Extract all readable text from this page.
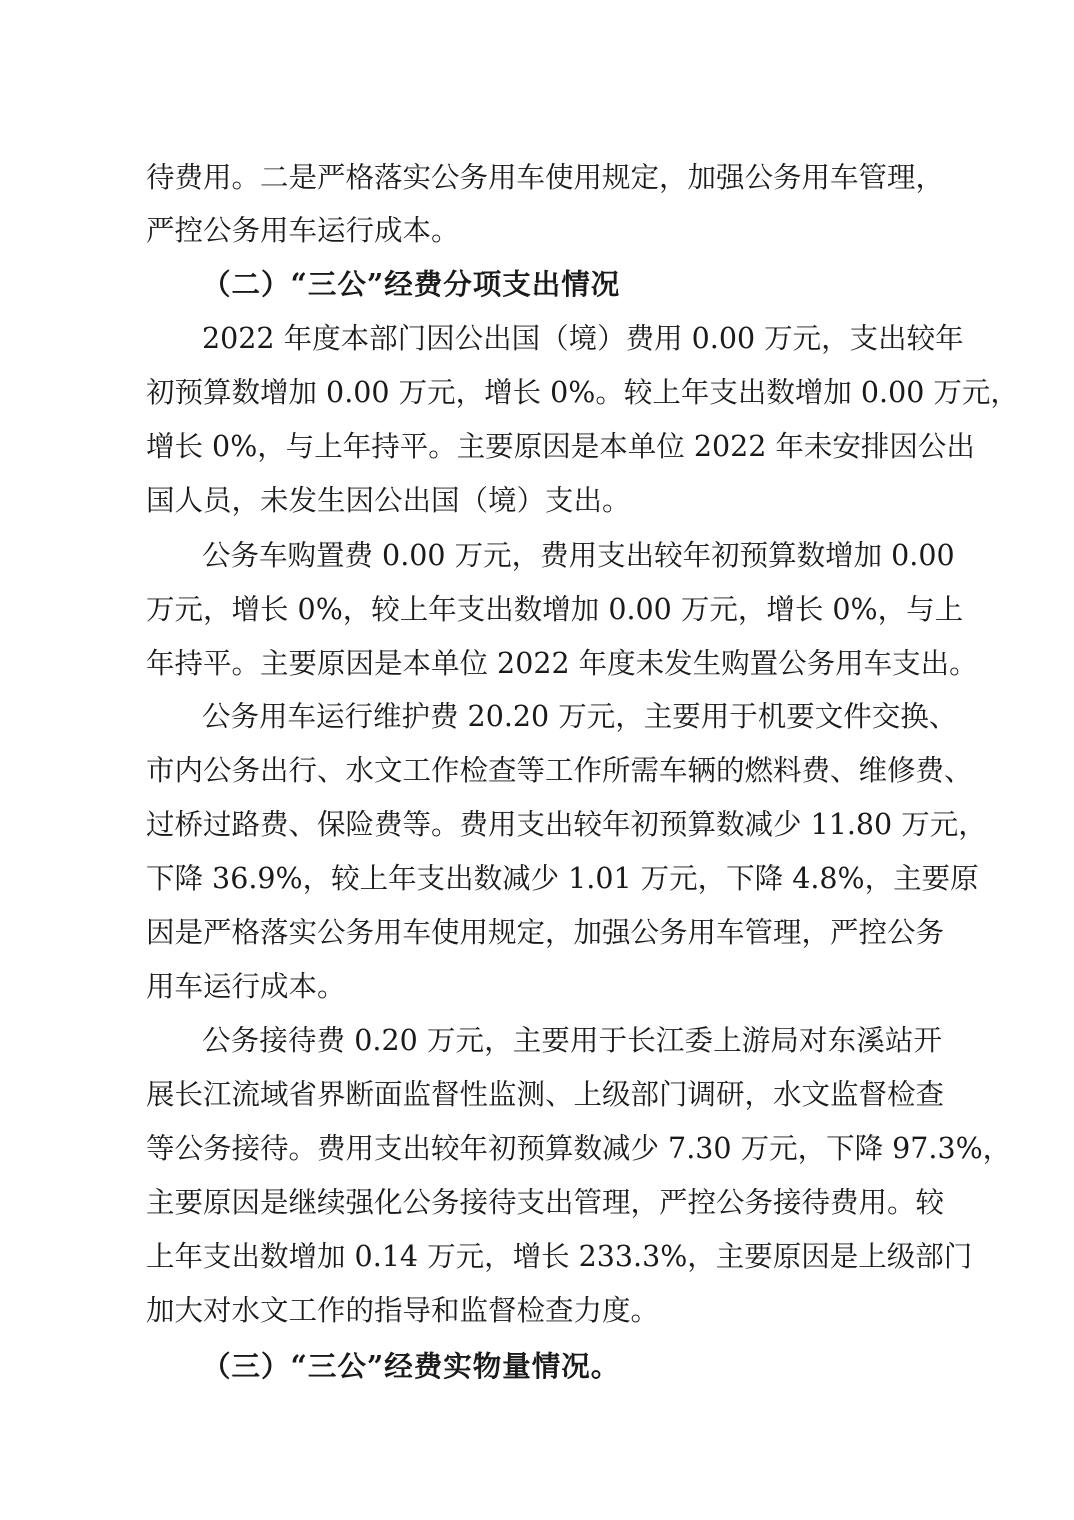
待费用。二是严格落实公务用车使用规定，加强公务用车管理，
严控公务用车运行成本。
（二）“三公”经费分项支出情况
2022 年度本部门因公出国（境）费用 0.00 万元，支出较年
初预算数增加 0.00 万元，增长 0%。较上年支出数增加 0.00 万元，
增长 0%，与上年持平。主要原因是本单位 2022 年未安排因公出
国人员，未发生因公出国（境）支出。
公务车购置费 0.00 万元，费用支出较年初预算数增加 0.00
万元，增长 0%，较上年支出数增加 0.00 万元，增长 0%，与上
年持平。主要原因是本单位 2022 年度未发生购置公务用车支出。
公务用车运行维护费 20.20 万元，主要用于机要文件交换、
市内公务出行、水文工作检查等工作所需车辆的燃料费、维修费、
过桥过路费、保险费等。费用支出较年初预算数减少 11.80 万元，
下降 36.9%，较上年支出数减少 1.01 万元，下降 4.8%，主要原
因是严格落实公务用车使用规定，加强公务用车管理，严控公务
用车运行成本。
公务接待费 0.20 万元，主要用于长江委上游局对东溪站开
展长江流域省界断面监督性监测、上级部门调研，水文监督检查
等公务接待。费用支出较年初预算数减少 7.30 万元，下降 97.3%，
主要原因是继续强化公务接待支出管理，严控公务接待费用。较
上年支出数增加 0.14 万元，增长 233.3%，主要原因是上级部门
加大对水文工作的指导和监督检查力度。
（三）“三公”经费实物量情况。
